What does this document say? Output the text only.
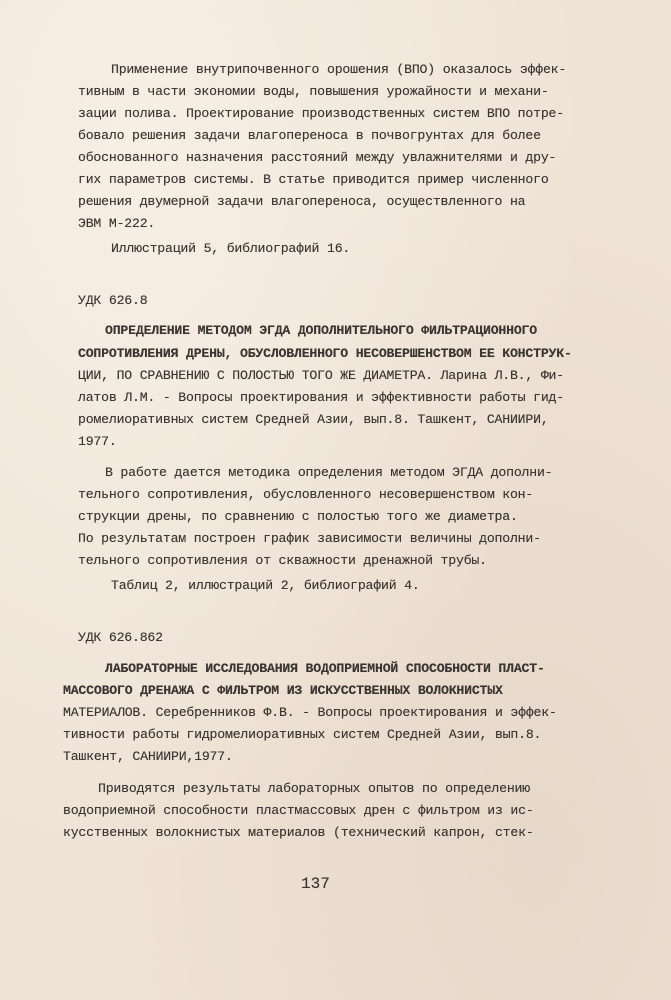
Применение внутрипочвенного орошения (ВПО) оказалось эффек-
тивным в части экономии воды, повышения урожайности и механи-
зации полива. Проектирование производственных систем ВПО потре-
бовало решения задачи влагопереноса в почвогрунтах для более
обоснованного назначения расстояний между увлажнителями и дру-
гих параметров системы. В статье приводится пример численного
решения двумерной задачи влагопереноса, осуществленного на
ЭВМ М-222.
Иллюстраций 5, библиографий 16.
УДК 626.8
ОПРЕДЕЛЕНИЕ МЕТОДОМ ЭГДА ДОПОЛНИТЕЛЬНОГО ФИЛЬТРАЦИОННОГО
СОПРОТИВЛЕНИЯ ДРЕНЫ, ОБУСЛОВЛЕННОГО НЕСОВЕРШЕНСТВОМ ЕЕ КОНСТРУК-
ЦИИ, ПО СРАВНЕНИЮ С ПОЛОСТЬЮ ТОГО ЖЕ ДИАМЕТРА. Ларина Л.В., Фи-
латов Л.М. - Вопросы проектирования и эффективности работы гид-
ромелиоративных систем Средней Азии, вып.8. Ташкент, САНИИРИ,
1977.
В работе дается методика определения методом ЭГДА дополни-
тельного сопротивления, обусловленного несовершенством кон-
струкции дрены, по сравнению с полостью того же диаметра.
По результатам построен график зависимости величины дополни-
тельного сопротивления от скважности дренажной трубы.
Таблиц 2, иллюстраций 2, библиографий 4.
УДК 626.862
ЛАБОРАТОРНЫЕ ИССЛЕДОВАНИЯ ВОДОПРИЕМНОЙ СПОСОБНОСТИ ПЛАСТ-
МАССОВОГО ДРЕНАЖА С ФИЛЬТРОМ ИЗ ИСКУССТВЕННЫХ ВОЛОКНИСТЫХ
МАТЕРИАЛОВ. Серебренников Ф.В. - Вопросы проектирования и эффек-
тивности работы гидромелиоративных систем Средней Азии, вып.8.
Ташкент, САНИИРИ,1977.
Приводятся результаты лабораторных опытов по определению
водоприемной способности пластмассовых дрен с фильтром из ис-
кусственных волокнистых материалов (технический капрон, стек-
137
